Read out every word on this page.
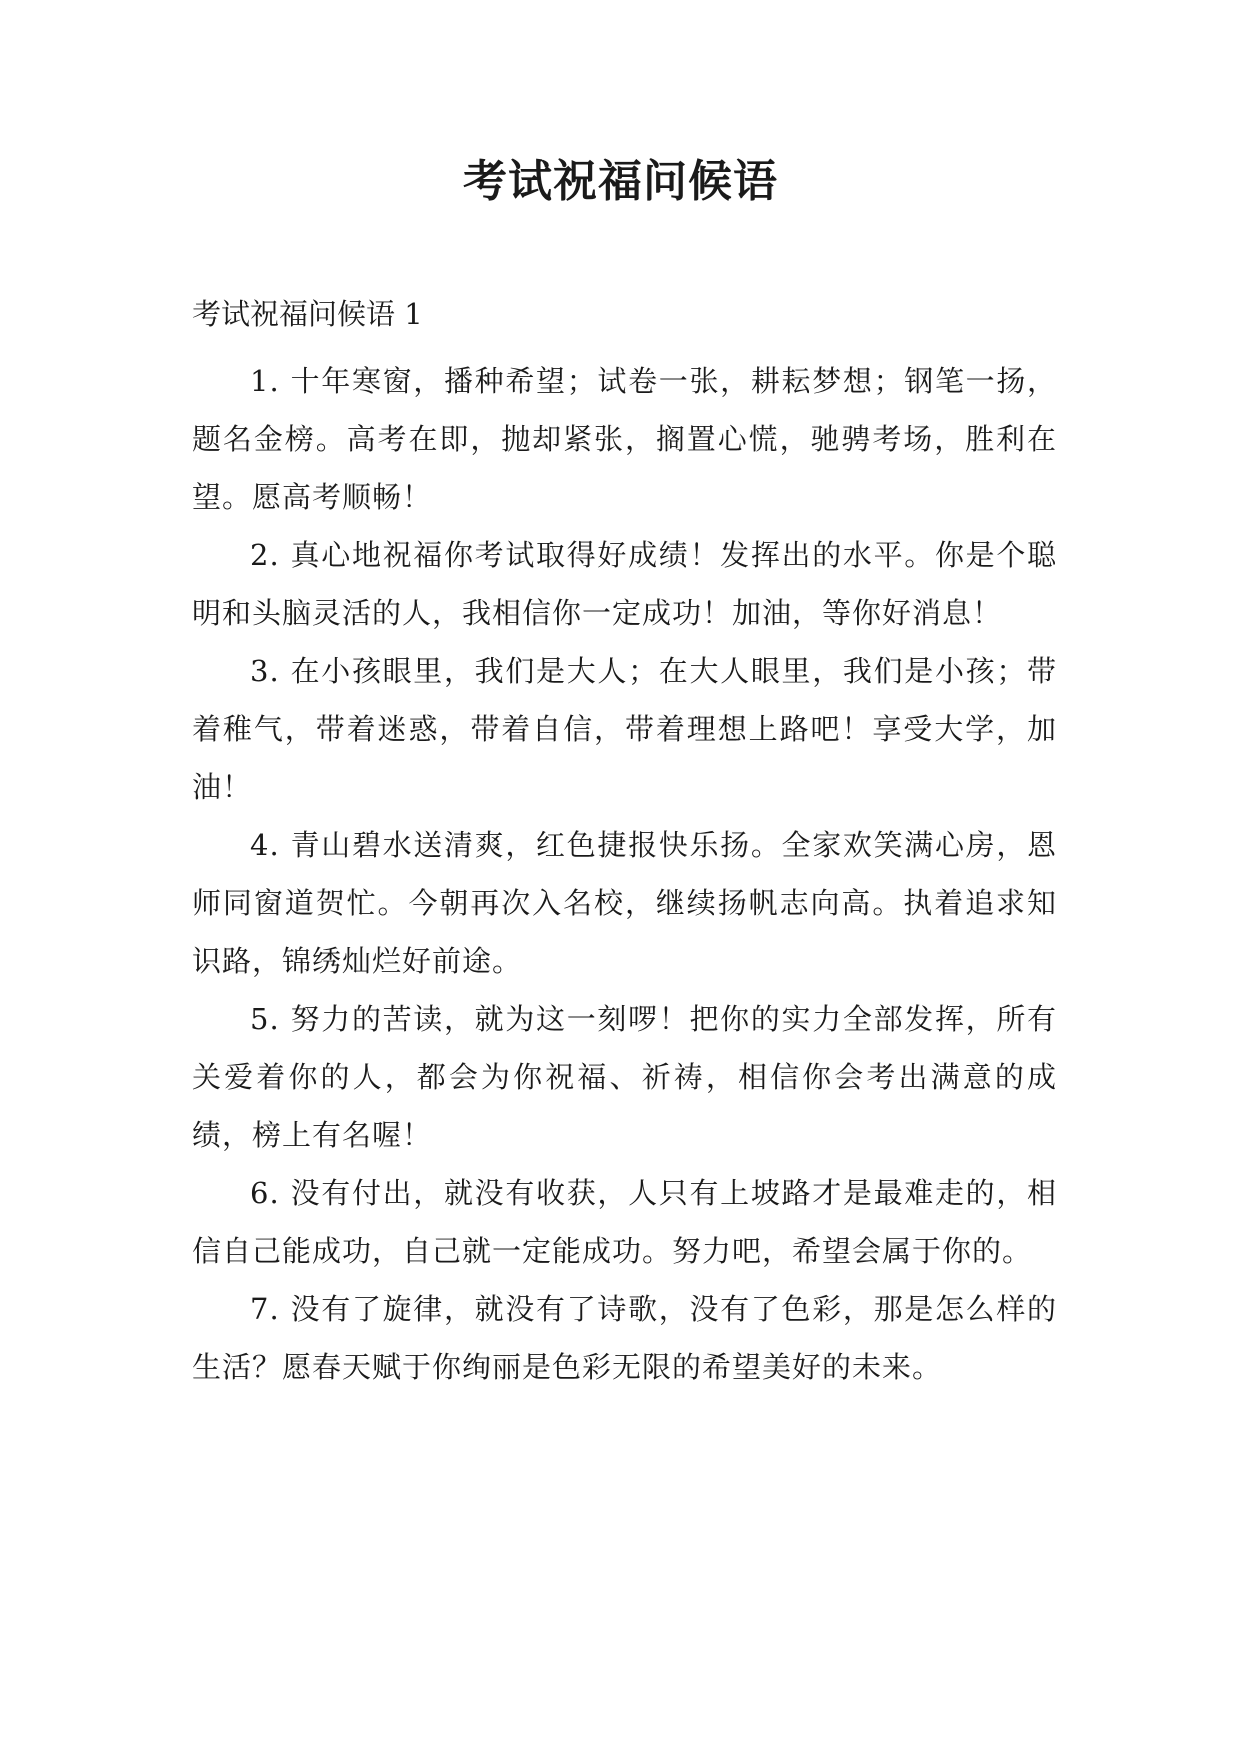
考试祝福问候语
考试祝福问候语 1

1. 十年寒窗，播种希望；试卷一张，耕耘梦想；钢笔一扬，题名金榜。高考在即，抛却紧张，搁置心慌，驰骋考场，胜利在望。愿高考顺畅！

2. 真心地祝福你考试取得好成绩！发挥出的水平。你是个聪明和头脑灵活的人，我相信你一定成功！加油，等你好消息！

3. 在小孩眼里，我们是大人；在大人眼里，我们是小孩；带着稚气，带着迷惑，带着自信，带着理想上路吧！享受大学，加油！

4. 青山碧水送清爽，红色捷报快乐扬。全家欢笑满心房，恩师同窗道贺忙。今朝再次入名校，继续扬帆志向高。执着追求知识路，锦绣灿烂好前途。

5. 努力的苦读，就为这一刻啰！把你的实力全部发挥，所有关爱着你的人，都会为你祝福、祈祷，相信你会考出满意的成绩，榜上有名喔！

6. 没有付出，就没有收获，人只有上坡路才是最难走的，相信自己能成功，自己就一定能成功。努力吧，希望会属于你的。

7. 没有了旋律，就没有了诗歌，没有了色彩，那是怎么样的生活？愿春天赋于你绚丽是色彩无限的希望美好的未来。
